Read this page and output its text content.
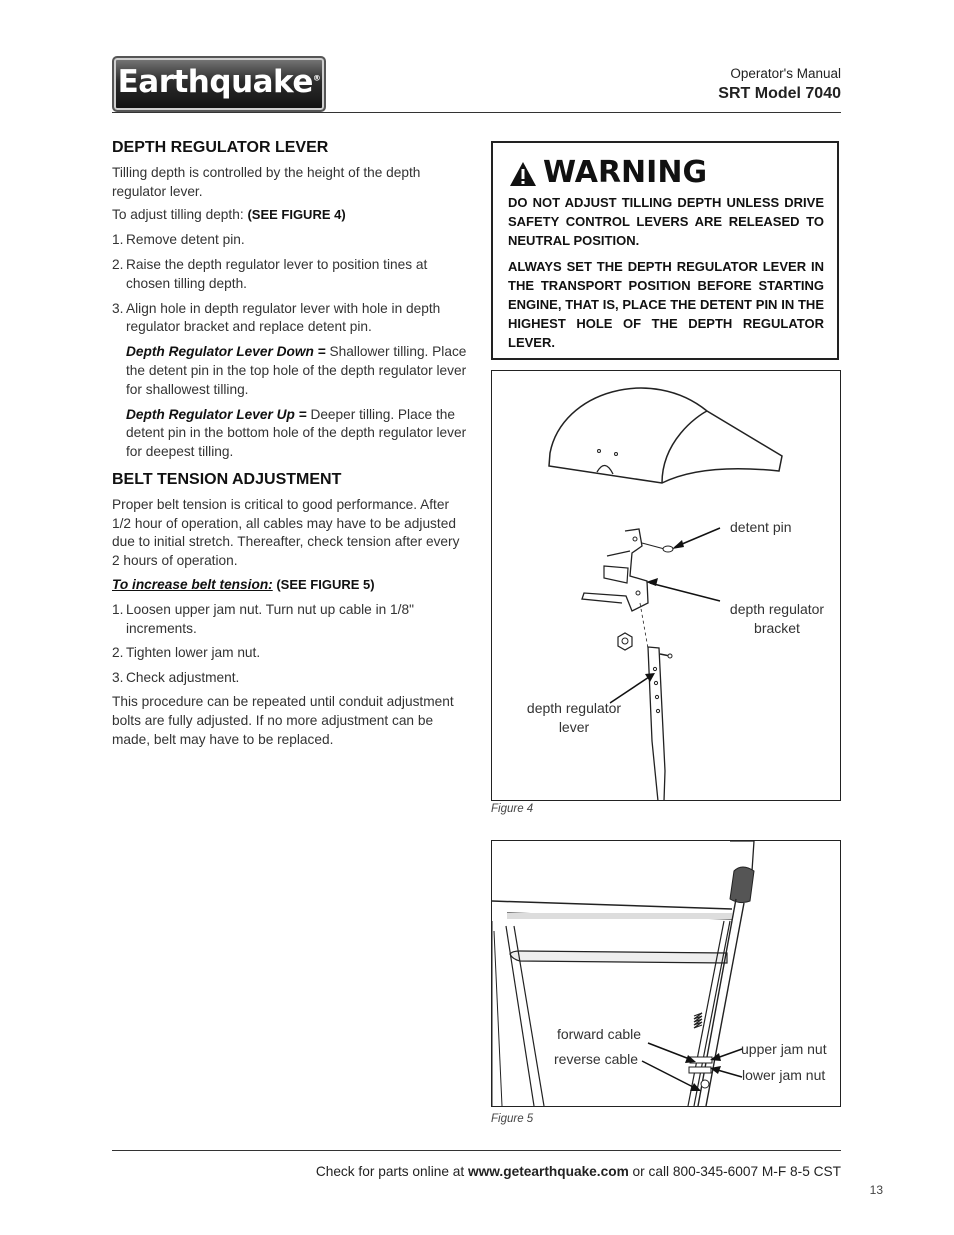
Earthquake®	Operator's Manual
SRT Model 7040
DEPTH REGULATOR LEVER

Tilling depth is controlled by the height of the depth regulator lever.

To adjust tilling depth: (SEE FIGURE 4)

1. Remove detent pin.
2. Raise the depth regulator lever to position tines at chosen tilling depth.
3. Align hole in depth regulator lever with hole in depth regulator bracket and replace detent pin.

Depth Regulator Lever Down = Shallower tilling. Place the detent pin in the top hole of the depth regulator lever for shallowest tilling.

Depth Regulator Lever Up = Deeper tilling. Place the detent pin in the bottom hole of the depth regulator lever for deepest tilling.

BELT TENSION ADJUSTMENT

Proper belt tension is critical to good performance. After 1/2 hour of operation, all cables may have to be adjusted due to initial stretch. Thereafter, check tension after every 2 hours of operation.

To increase belt tension: (SEE FIGURE 5)

1. Loosen upper jam nut. Turn nut up cable in 1/8" increments.
2. Tighten lower jam nut.
3. Check adjustment.

This procedure can be repeated until conduit adjustment bolts are fully adjusted. If no more adjustment can be made, belt may have to be replaced.

WARNING

DO NOT ADJUST TILLING DEPTH UNLESS DRIVE SAFETY CONTROL LEVERS ARE RELEASED TO NEUTRAL POSITION.

ALWAYS SET THE DEPTH REGULATOR LEVER IN THE TRANSPORT POSITION BEFORE STARTING ENGINE, THAT IS, PLACE THE DETENT PIN IN THE HIGHEST HOLE OF THE DEPTH REGULATOR LEVER.

detent pin
depth regulator
bracket
depth regulator
lever
Figure 4
forward cable
reverse cable
upper jam nut
lower jam nut
Figure 5
Check for parts online at www.getearthquake.com or call 800-345-6007 M-F 8-5 CST
13
